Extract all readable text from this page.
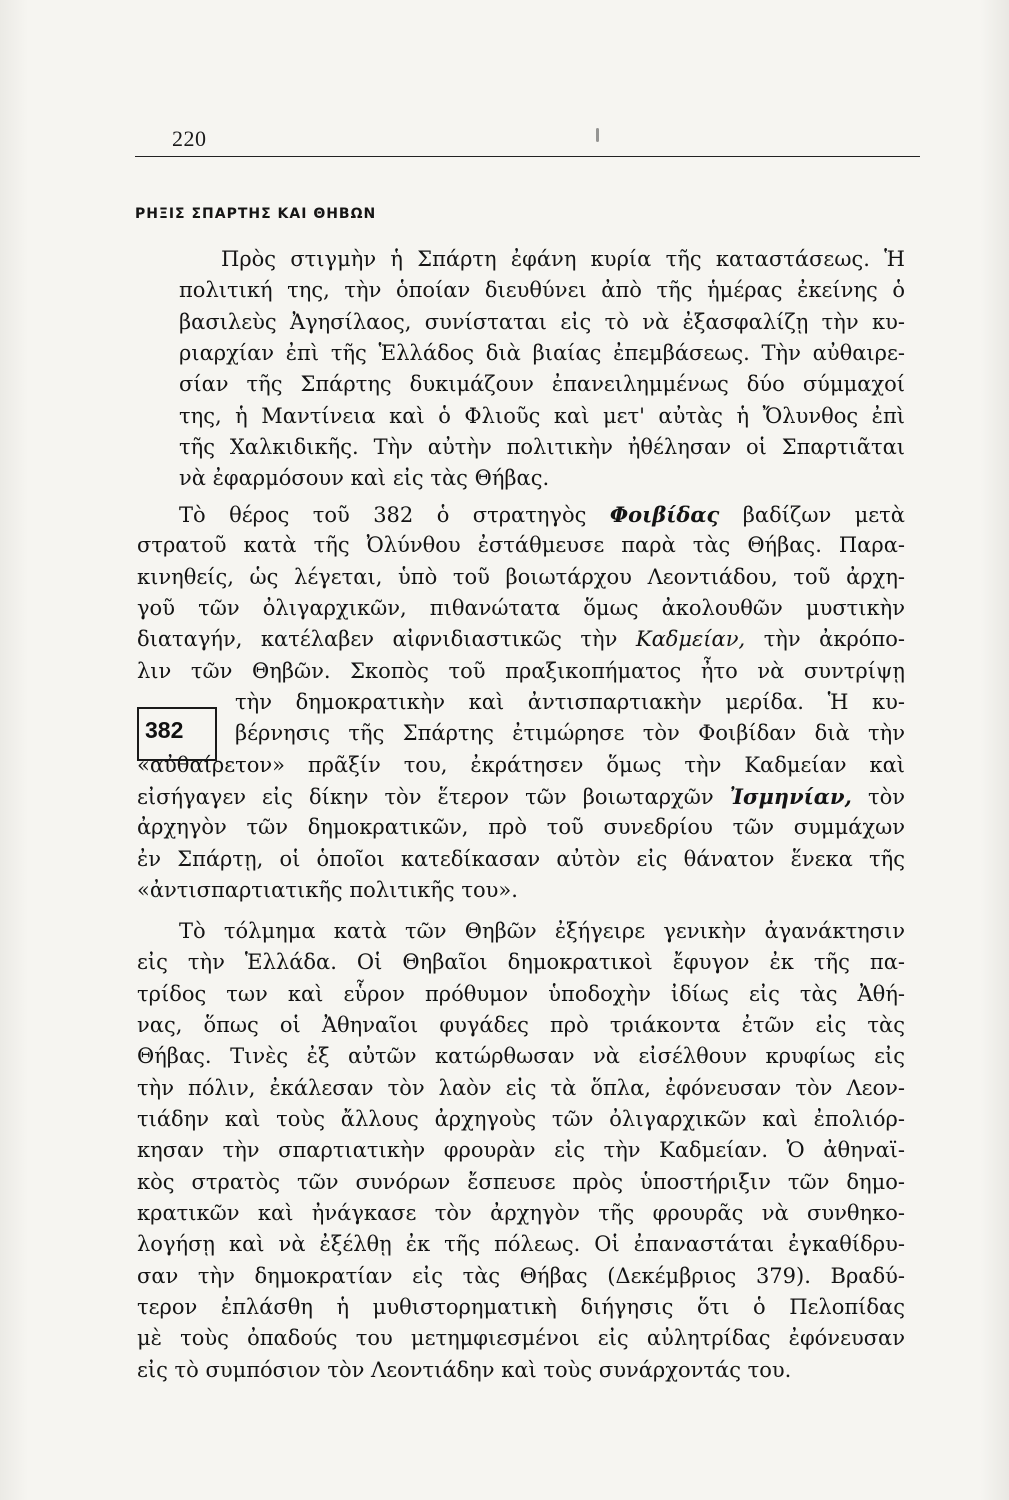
220
ΡΗΞΙΣ ΣΠΑΡΤΗΣ ΚΑΙ ΘΗΒΩΝ
Πρὸς στιγμὴν ἡ Σπάρτη ἐφάνη κυρία τῆς καταστάσεως. Ἡ
πολιτική της, τὴν ὁποίαν διευθύνει ἀπὸ τῆς ἡμέρας ἐκείνης ὁ
βασιλεὺς Ἀγησίλαος, συνίσταται εἰς τὸ νὰ ἐξασφαλίζῃ τὴν κυ-
ριαρχίαν ἐπὶ τῆς Ἑλλάδος διὰ βιαίας ἐπεμβάσεως. Τὴν αὐθαιρε-
σίαν τῆς Σπάρτης δυκιμάζουν ἐπανειλημμένως δύο σύμμαχοί
της, ἡ Μαντίνεια καὶ ὁ Φλιοῦς καὶ μετ' αὐτὰς ἡ Ὄλυνθος ἐπὶ
τῆς Χαλκιδικῆς. Τὴν αὐτὴν πολιτικὴν ἠθέλησαν οἱ Σπαρτιᾶται
νὰ ἐφαρμόσουν καὶ εἰς τὰς Θήβας.
Τὸ θέρος τοῦ 382 ὁ στρατηγὸς Φοιβίδας βαδίζων μετὰ
στρατοῦ κατὰ τῆς Ὀλύνθου ἐστάθμευσε παρὰ τὰς Θήβας. Παρα-
κινηθείς, ὡς λέγεται, ὑπὸ τοῦ βοιωτάρχου Λεοντιάδου, τοῦ ἀρχη-
γοῦ τῶν ὀλιγαρχικῶν, πιθανώτατα ὅμως ἀκολουθῶν μυστικὴν
διαταγήν, κατέλαβεν αἰφνιδιαστικῶς τὴν Καδμείαν, τὴν ἀκρόπο-
λιν τῶν Θηβῶν. Σκοπὸς τοῦ πραξικοπήματος ἦτο νὰ συντρίψῃ
τὴν δημοκρατικὴν καὶ ἀντισπαρτιακὴν μερίδα. Ἡ κυ-
βέρνησις τῆς Σπάρτης ἐτιμώρησε τὸν Φοιβίδαν διὰ τὴν
«αὐθαίρετον» πρᾶξίν του, ἐκράτησεν ὅμως τὴν Καδμείαν καὶ
εἰσήγαγεν εἰς δίκην τὸν ἕτερον τῶν βοιωταρχῶν Ἰσμηνίαν, τὸν
ἀρχηγὸν τῶν δημοκρατικῶν, πρὸ τοῦ συνεδρίου τῶν συμμάχων
ἐν Σπάρτῃ, οἱ ὁποῖοι κατεδίκασαν αὐτὸν εἰς θάνατον ἕνεκα τῆς
«ἀντισπαρτιατικῆς πολιτικῆς του».
382
Τὸ τόλμημα κατὰ τῶν Θηβῶν ἐξήγειρε γενικὴν ἀγανάκτησιν
εἰς τὴν Ἑλλάδα. Οἱ Θηβαῖοι δημοκρατικοὶ ἔφυγον ἐκ τῆς πα-
τρίδος των καὶ εὗρον πρόθυμον ὑποδοχὴν ἰδίως εἰς τὰς Ἀθή-
νας, ὅπως οἱ Ἀθηναῖοι φυγάδες πρὸ τριάκοντα ἐτῶν εἰς τὰς
Θήβας. Τινὲς ἐξ αὐτῶν κατώρθωσαν νὰ εἰσέλθουν κρυφίως εἰς
τὴν πόλιν, ἐκάλεσαν τὸν λαὸν εἰς τὰ ὅπλα, ἐφόνευσαν τὸν Λεον-
τιάδην καὶ τοὺς ἄλλους ἀρχηγοὺς τῶν ὀλιγαρχικῶν καὶ ἐπολιόρ-
κησαν τὴν σπαρτιατικὴν φρουρὰν εἰς τὴν Καδμείαν. Ὁ ἀθηναϊ-
κὸς στρατὸς τῶν συνόρων ἔσπευσε πρὸς ὑποστήριξιν τῶν δημο-
κρατικῶν καὶ ἠνάγκασε τὸν ἀρχηγὸν τῆς φρουρᾶς νὰ συνθηκο-
λογήσῃ καὶ νὰ ἐξέλθῃ ἐκ τῆς πόλεως. Οἱ ἐπαναστάται ἐγκαθίδρυ-
σαν τὴν δημοκρατίαν εἰς τὰς Θήβας (Δεκέμβριος 379). Βραδύ-
τερον ἐπλάσθη ἡ μυθιστορηματικὴ διήγησις ὅτι ὁ Πελοπίδας
μὲ τοὺς ὀπαδούς του μετημφιεσμένοι εἰς αὐλητρίδας ἐφόνευσαν
εἰς τὸ συμπόσιον τὸν Λεοντιάδην καὶ τοὺς συνάρχοντάς του.
